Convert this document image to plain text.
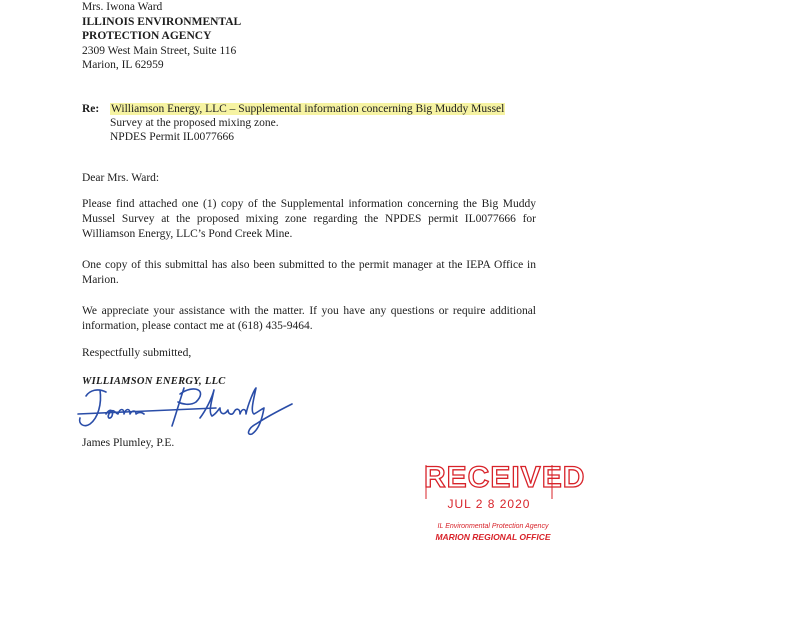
Mrs. Iwona Ward
ILLINOIS ENVIRONMENTAL
PROTECTION AGENCY
2309 West Main Street, Suite 116
Marion, IL 62959
Re: Williamson Energy, LLC – Supplemental information concerning Big Muddy Mussel
Survey at the proposed mixing zone.
NPDES Permit IL0077666
Dear Mrs. Ward:
Please find attached one (1) copy of the Supplemental information concerning the Big Muddy Mussel Survey at the proposed mixing zone regarding the NPDES permit IL0077666 for Williamson Energy, LLC’s Pond Creek Mine.
One copy of this submittal has also been submitted to the permit manager at the IEPA Office in Marion.
We appreciate your assistance with the matter. If you have any questions or require additional information, please contact me at (618) 435-9464.
Respectfully submitted,
WILLIAMSON ENERGY, LLC
James Plumley, P.E.
RECEIVED
JUL 2 8 2020
IL Environmental Protection Agency
MARION REGIONAL OFFICE
